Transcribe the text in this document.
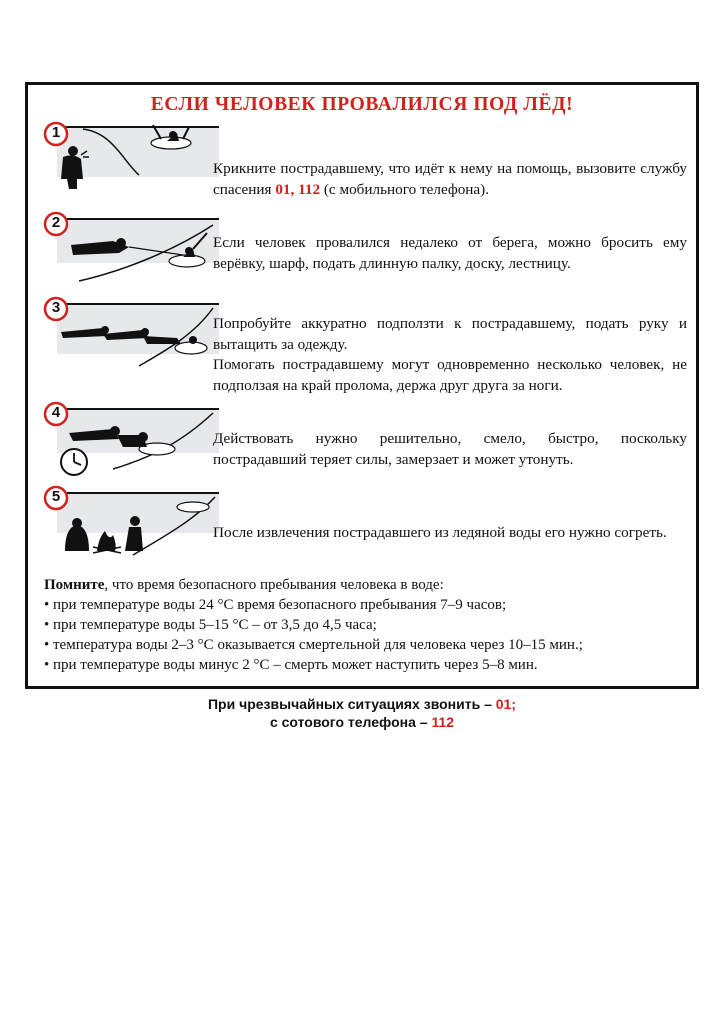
ЕСЛИ ЧЕЛОВЕК ПРОВАЛИЛСЯ ПОД ЛЁД!
1
Крикните пострадавшему, что идёт к нему на помощь, вызовите службу спасения 01, 112 (с мобильного телефона).
2
Если человек провалился недалеко от берега, можно бросить ему верёвку, шарф, подать длинную палку, доску, лестницу.
3
Попробуйте аккуратно подползти к пострадавшему, подать руку и вытащить за одежду.
Помогать пострадавшему могут одновременно несколько человек, не подползая на край пролома, держа друг друга за ноги.
4
Действовать нужно решительно, смело, быстро, поскольку пострадавший теряет силы, замерзает и может утонуть.
5
После извлечения пострадавшего из ледяной воды его нужно согреть.
Помните, что время безопасного пребывания человека в воде:
• при температуре воды 24 °С время безопасного пребывания 7–9 часов;
• при температуре воды 5–15 °С – от 3,5 до 4,5 часа;
• температура воды 2–3 °С оказывается смертельной для человека через 10–15 мин.;
• при температуре воды минус 2 °С – смерть может наступить через 5–8 мин.
При чрезвычайных ситуациях звонить – 01;
с сотового телефона – 112
